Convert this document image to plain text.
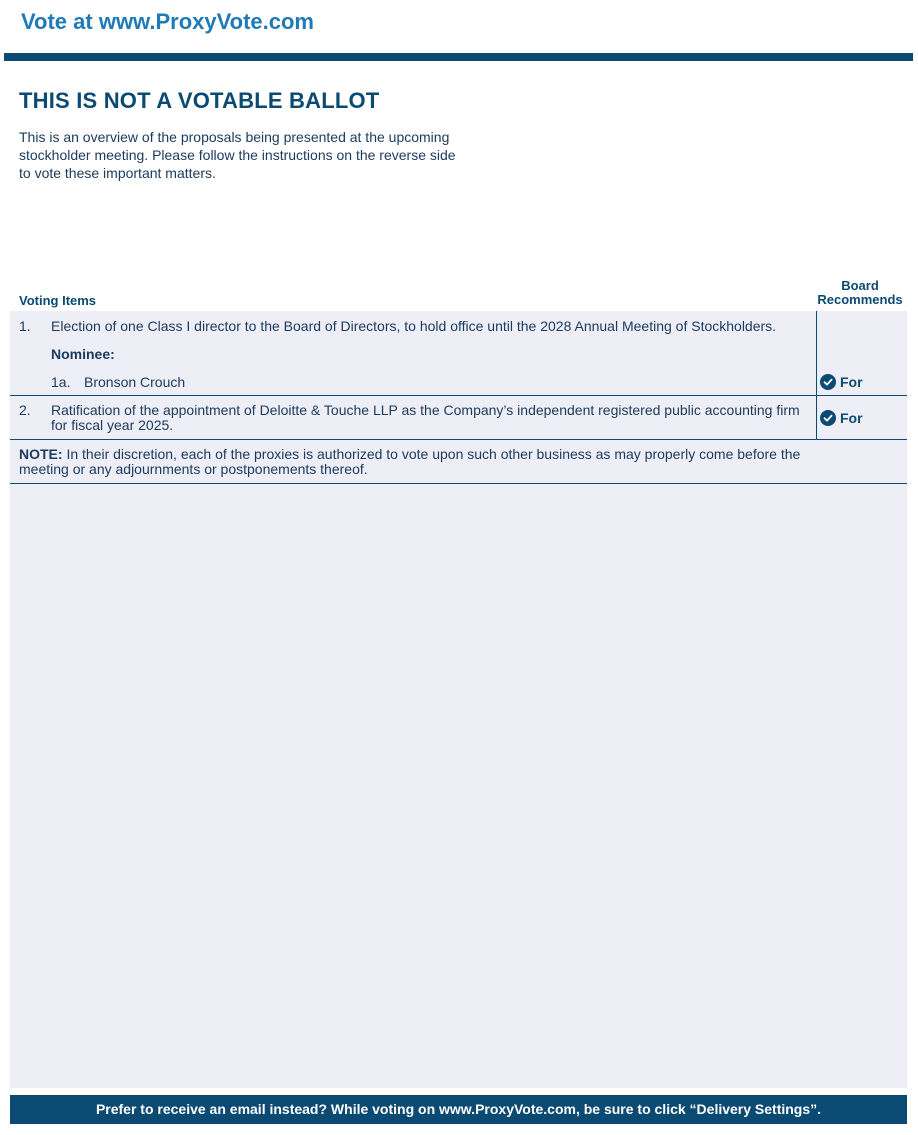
Vote at www.ProxyVote.com
THIS IS NOT A VOTABLE BALLOT

This is an overview of the proposals being presented at the upcoming stockholder meeting. Please follow the instructions on the reverse side to vote these important matters.

Voting Items
Board
Recommends
1. Election of one Class I director to the Board of Directors, to hold office until the 2028 Annual Meeting of Stockholders.
Nominee:
1a. Bronson Crouch	For
2. Ratification of the appointment of Deloitte & Touche LLP as the Company’s independent registered public accounting firm for fiscal year 2025.	For
NOTE: In their discretion, each of the proxies is authorized to vote upon such other business as may properly come before the meeting or any adjournments or postponements thereof.
Prefer to receive an email instead? While voting on www.ProxyVote.com, be sure to click “Delivery Settings”.
